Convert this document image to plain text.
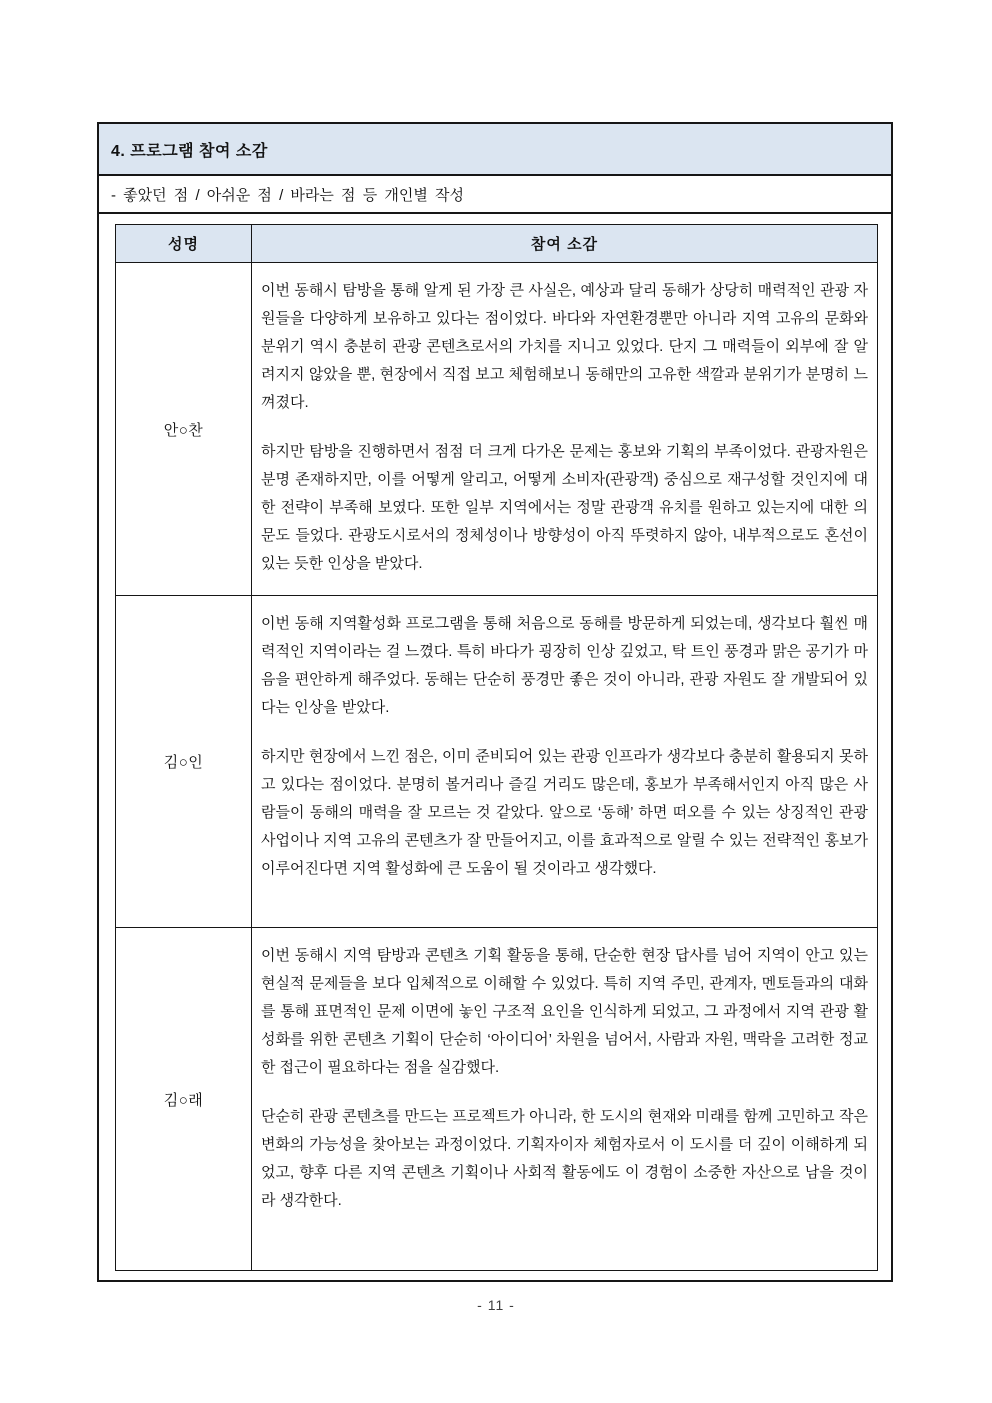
4. 프로그램 참여 소감
- 좋았던 점 / 아쉬운 점 / 바라는 점 등 개인별 작성

성명	참여 소감
안○찬	

이번 동해시 탐방을 통해 알게 된 가장 큰 사실은, 예상과 달리 동해가 상당히 매력적인 관광 자원들을 다양하게 보유하고 있다는 점이었다. 바다와 자연환경뿐만 아니라 지역 고유의 문화와 분위기 역시 충분히 관광 콘텐츠로서의 가치를 지니고 있었다. 단지 그 매력들이 외부에 잘 알려지지 않았을 뿐, 현장에서 직접 보고 체험해보니 동해만의 고유한 색깔과 분위기가 분명히 느껴졌다.

하지만 탐방을 진행하면서 점점 더 크게 다가온 문제는 홍보와 기획의 부족이었다. 관광자원은 분명 존재하지만, 이를 어떻게 알리고, 어떻게 소비자(관광객) 중심으로 재구성할 것인지에 대한 전략이 부족해 보였다. 또한 일부 지역에서는 정말 관광객 유치를 원하고 있는지에 대한 의문도 들었다. 관광도시로서의 정체성이나 방향성이 아직 뚜렷하지 않아, 내부적으로도 혼선이 있는 듯한 인상을 받았다.

김○인	

이번 동해 지역활성화 프로그램을 통해 처음으로 동해를 방문하게 되었는데, 생각보다 훨씬 매력적인 지역이라는 걸 느꼈다. 특히 바다가 굉장히 인상 깊었고, 탁 트인 풍경과 맑은 공기가 마음을 편안하게 해주었다. 동해는 단순히 풍경만 좋은 것이 아니라, 관광 자원도 잘 개발되어 있다는 인상을 받았다.

하지만 현장에서 느낀 점은, 이미 준비되어 있는 관광 인프라가 생각보다 충분히 활용되지 못하고 있다는 점이었다. 분명히 볼거리나 즐길 거리도 많은데, 홍보가 부족해서인지 아직 많은 사람들이 동해의 매력을 잘 모르는 것 같았다. 앞으로 ‘동해’ 하면 떠오를 수 있는 상징적인 관광 사업이나 지역 고유의 콘텐츠가 잘 만들어지고, 이를 효과적으로 알릴 수 있는 전략적인 홍보가 이루어진다면 지역 활성화에 큰 도움이 될 것이라고 생각했다.

김○래	

이번 동해시 지역 탐방과 콘텐츠 기획 활동을 통해, 단순한 현장 답사를 넘어 지역이 안고 있는 현실적 문제들을 보다 입체적으로 이해할 수 있었다. 특히 지역 주민, 관계자, 멘토들과의 대화를 통해 표면적인 문제 이면에 놓인 구조적 요인을 인식하게 되었고, 그 과정에서 지역 관광 활성화를 위한 콘텐츠 기획이 단순히 ‘아이디어’ 차원을 넘어서, 사람과 자원, 맥락을 고려한 정교한 접근이 필요하다는 점을 실감했다.

단순히 관광 콘텐츠를 만드는 프로젝트가 아니라, 한 도시의 현재와 미래를 함께 고민하고 작은 변화의 가능성을 찾아보는 과정이었다. 기획자이자 체험자로서 이 도시를 더 깊이 이해하게 되었고, 향후 다른 지역 콘텐츠 기획이나 사회적 활동에도 이 경험이 소중한 자산으로 남을 것이라 생각한다.

- 11 -
